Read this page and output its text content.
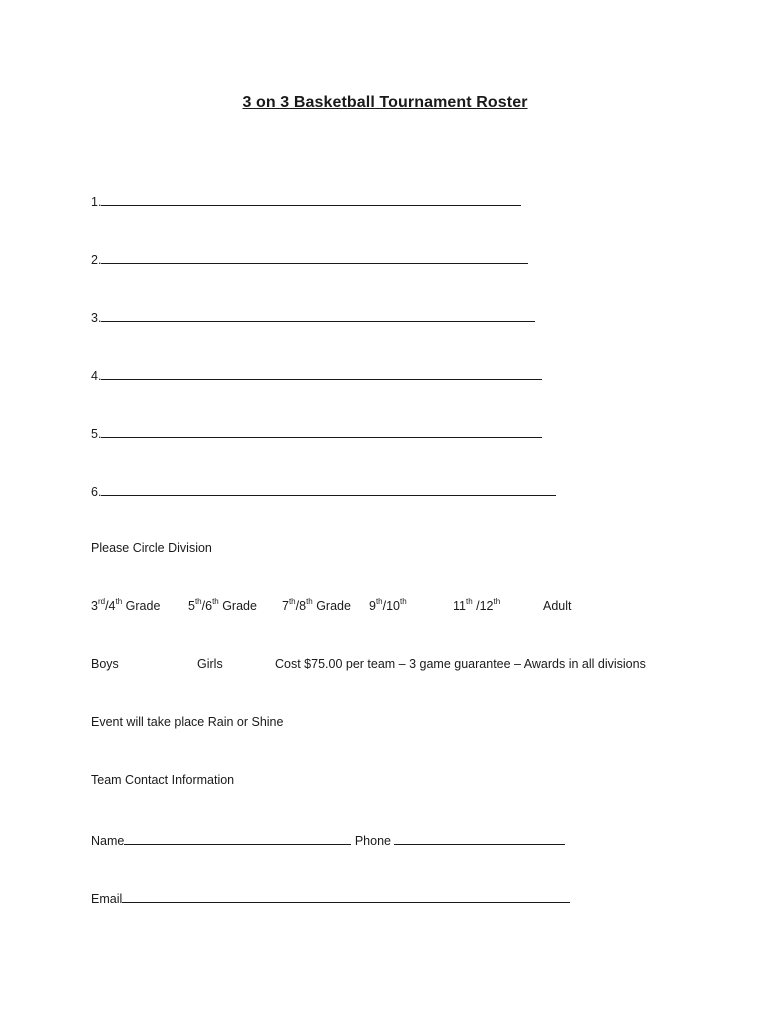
3 on 3 Basketball Tournament Roster
1.
2.
3.
4.
5.
6.
Please Circle Division
3rd/4th Grade 5th/6th Grade 7th/8th Grade 9th/10th	11th /12th	Adult
Boys	Girls	Cost $75.00 per team – 3 game guarantee – Awards in all divisions
Event will take place Rain or Shine
Team Contact Information
Name	Phone
Email
